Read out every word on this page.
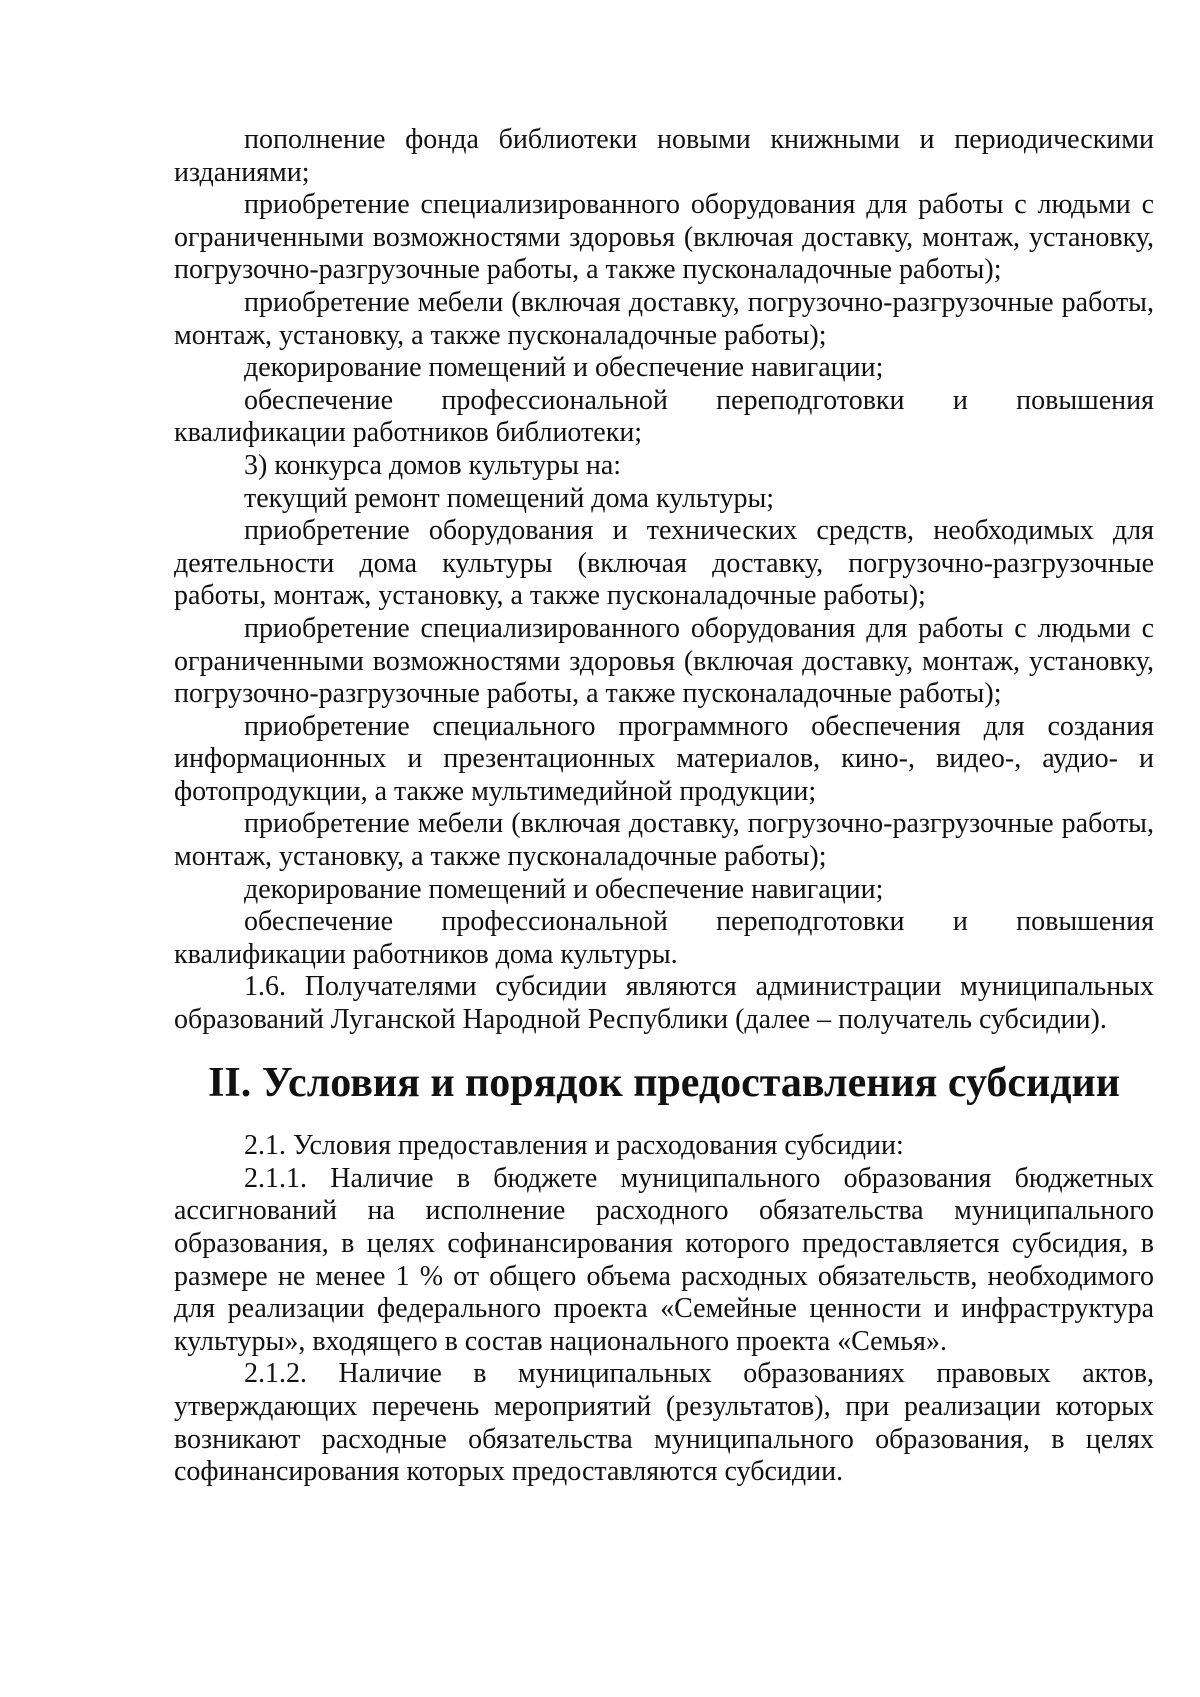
пополнение фонда библиотеки новыми книжными и периодическими изданиями;

приобретение специализированного оборудования для работы с людьми с ограниченными возможностями здоровья (включая доставку, монтаж, установку, погрузочно-разгрузочные работы, а также пусконаладочные работы);

приобретение мебели (включая доставку, погрузочно-разгрузочные работы, монтаж, установку, а также пусконаладочные работы);

декорирование помещений и обеспечение навигации;

обеспечение профессиональной переподготовки и повышения квалификации работников библиотеки;

3) конкурса домов культуры на:

текущий ремонт помещений дома культуры;

приобретение оборудования и технических средств, необходимых для деятельности дома культуры (включая доставку, погрузочно-разгрузочные работы, монтаж, установку, а также пусконаладочные работы);

приобретение специализированного оборудования для работы с людьми с ограниченными возможностями здоровья (включая доставку, монтаж, установку, погрузочно-разгрузочные работы, а также пусконаладочные работы);

приобретение специального программного обеспечения для создания информационных и презентационных материалов, кино-, видео-, аудио- и фотопродукции, а также мультимедийной продукции;

приобретение мебели (включая доставку, погрузочно-разгрузочные работы, монтаж, установку, а также пусконаладочные работы);

декорирование помещений и обеспечение навигации;

обеспечение профессиональной переподготовки и повышения квалификации работников дома культуры.

1.6. Получателями субсидии являются администрации муниципальных образований Луганской Народной Республики (далее – получатель субсидии).

II. Условия и порядок предоставления субсидии

2.1. Условия предоставления и расходования субсидии:

2.1.1. Наличие в бюджете муниципального образования бюджетных ассигнований на исполнение расходного обязательства муниципального образования, в целях софинансирования которого предоставляется субсидия, в размере не менее 1 % от общего объема расходных обязательств, необходимого для реализации федерального проекта «Семейные ценности и инфраструктура культуры», входящего в состав национального проекта «Семья».

2.1.2. Наличие в муниципальных образованиях правовых актов, утверждающих перечень мероприятий (результатов), при реализации которых возникают расходные обязательства муниципального образования, в целях софинансирования которых предоставляются субсидии.
